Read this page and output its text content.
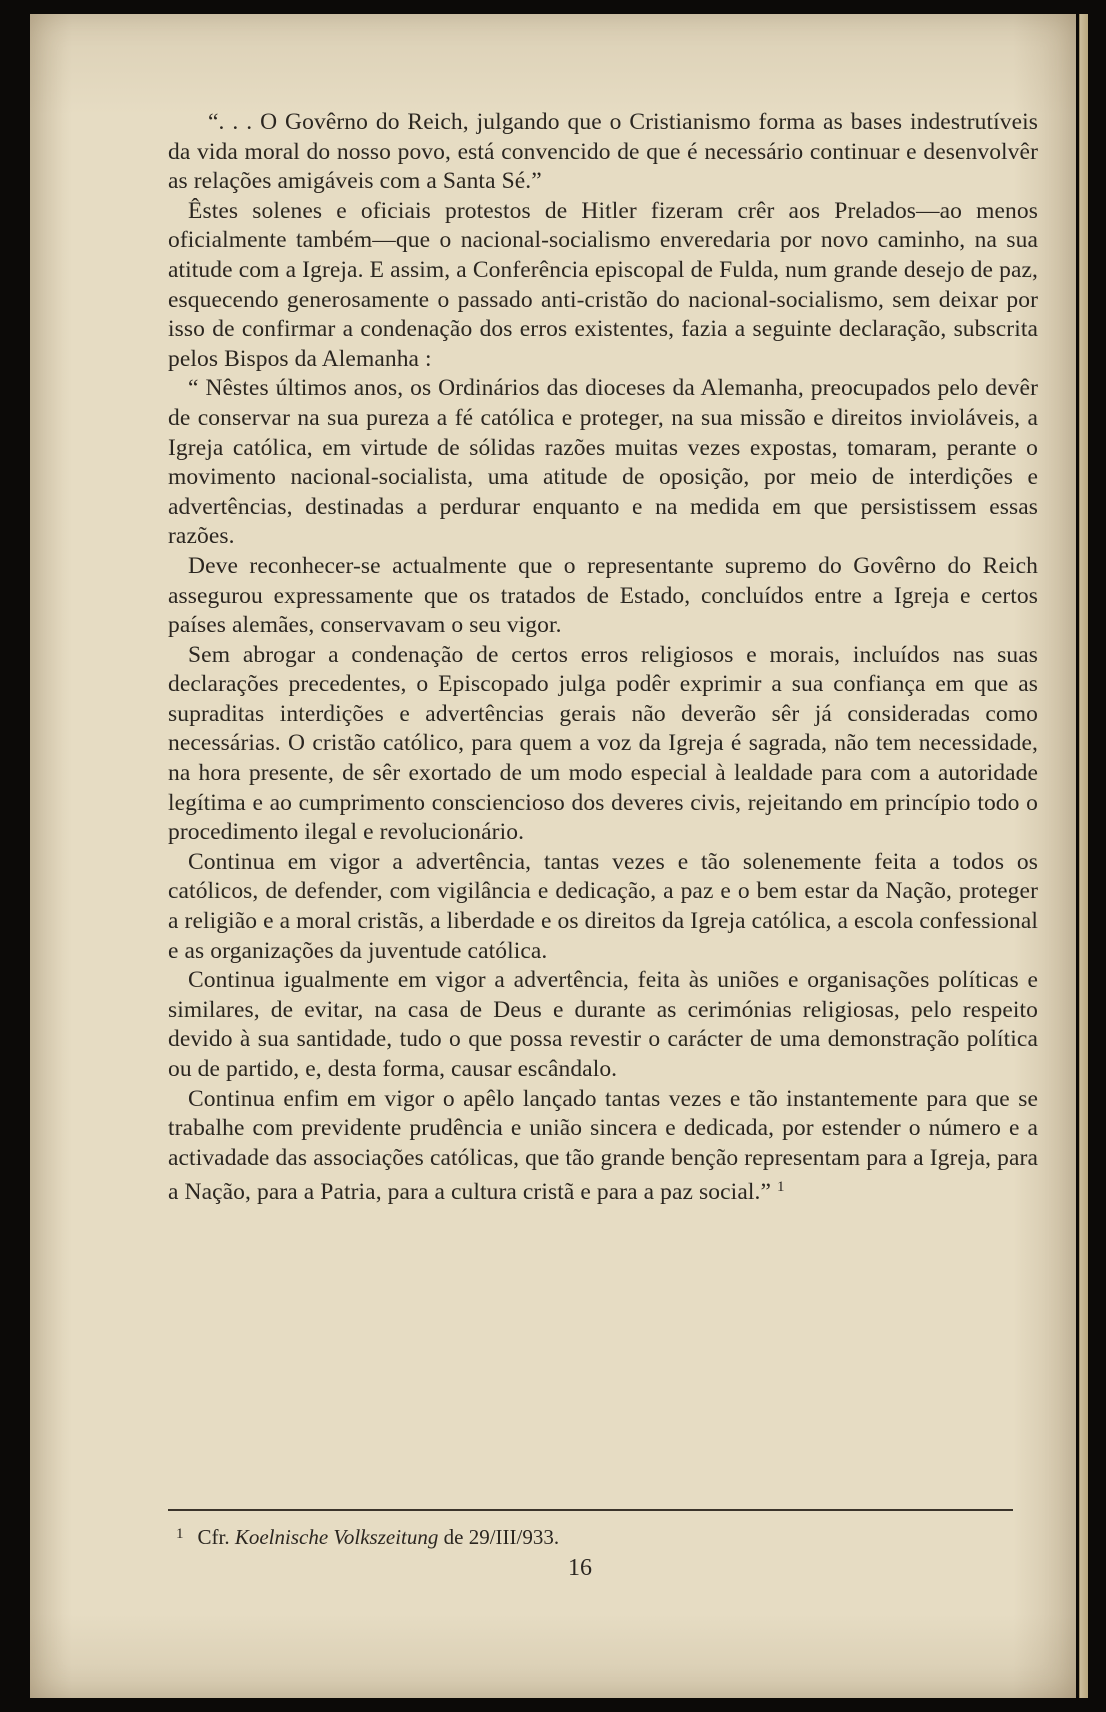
“. . . O Govêrno do Reich, julgando que o Cristianismo forma as bases indestrutíveis da vida moral do nosso povo, está convencido de que é necessário continuar e desenvolvêr as relações amigáveis com a Santa Sé.”

Êstes solenes e oficiais protestos de Hitler fizeram crêr aos Prelados—ao menos oficialmente também—que o nacional-socialismo enveredaria por novo caminho, na sua atitude com a Igreja. E assim, a Conferência episcopal de Fulda, num grande desejo de paz, esquecendo generosamente o passado anti-cristão do nacional-socialismo, sem deixar por isso de confirmar a condenação dos erros existentes, fazia a seguinte declaração, subscrita pelos Bispos da Alemanha :

“ Nêstes últimos anos, os Ordinários das dioceses da Alemanha, preocupados pelo devêr de conservar na sua pureza a fé católica e proteger, na sua missão e direitos invioláveis, a Igreja católica, em virtude de sólidas razões muitas vezes expostas, tomaram, perante o movimento nacional-socialista, uma atitude de oposição, por meio de interdições e advertências, destinadas a perdurar enquanto e na medida em que persistissem essas razões.

Deve reconhecer-se actualmente que o representante supremo do Govêrno do Reich assegurou expressamente que os tratados de Estado, concluídos entre a Igreja e certos países alemães, conservavam o seu vigor.

Sem abrogar a condenação de certos erros religiosos e morais, incluídos nas suas declarações precedentes, o Episcopado julga podêr exprimir a sua confiança em que as supraditas interdições e advertências gerais não deverão sêr já consideradas como necessárias. O cristão católico, para quem a voz da Igreja é sagrada, não tem necessidade, na hora presente, de sêr exortado de um modo especial à lealdade para com a autoridade legítima e ao cumprimento consciencioso dos deveres civis, rejeitando em princípio todo o procedimento ilegal e revolucionário.

Continua em vigor a advertência, tantas vezes e tão solenemente feita a todos os católicos, de defender, com vigilância e dedicação, a paz e o bem estar da Nação, proteger a religião e a moral cristãs, a liberdade e os direitos da Igreja católica, a escola confessional e as organizações da juventude católica.

Continua igualmente em vigor a advertência, feita às uniões e organisações políticas e similares, de evitar, na casa de Deus e durante as cerimónias religiosas, pelo respeito devido à sua santidade, tudo o que possa revestir o carácter de uma demonstração política ou de partido, e, desta forma, causar escândalo.

Continua enfim em vigor o apêlo lançado tantas vezes e tão instantemente para que se trabalhe com previdente prudência e união sincera e dedicada, por estender o número e a activadade das associações católicas, que tão grande benção representam para a Igreja, para a Nação, para a Patria, para a cultura cristã e para a paz social.” $^1$

$^1$ Cfr. Koelnische Volkszeitung de 29/III/933.
16
